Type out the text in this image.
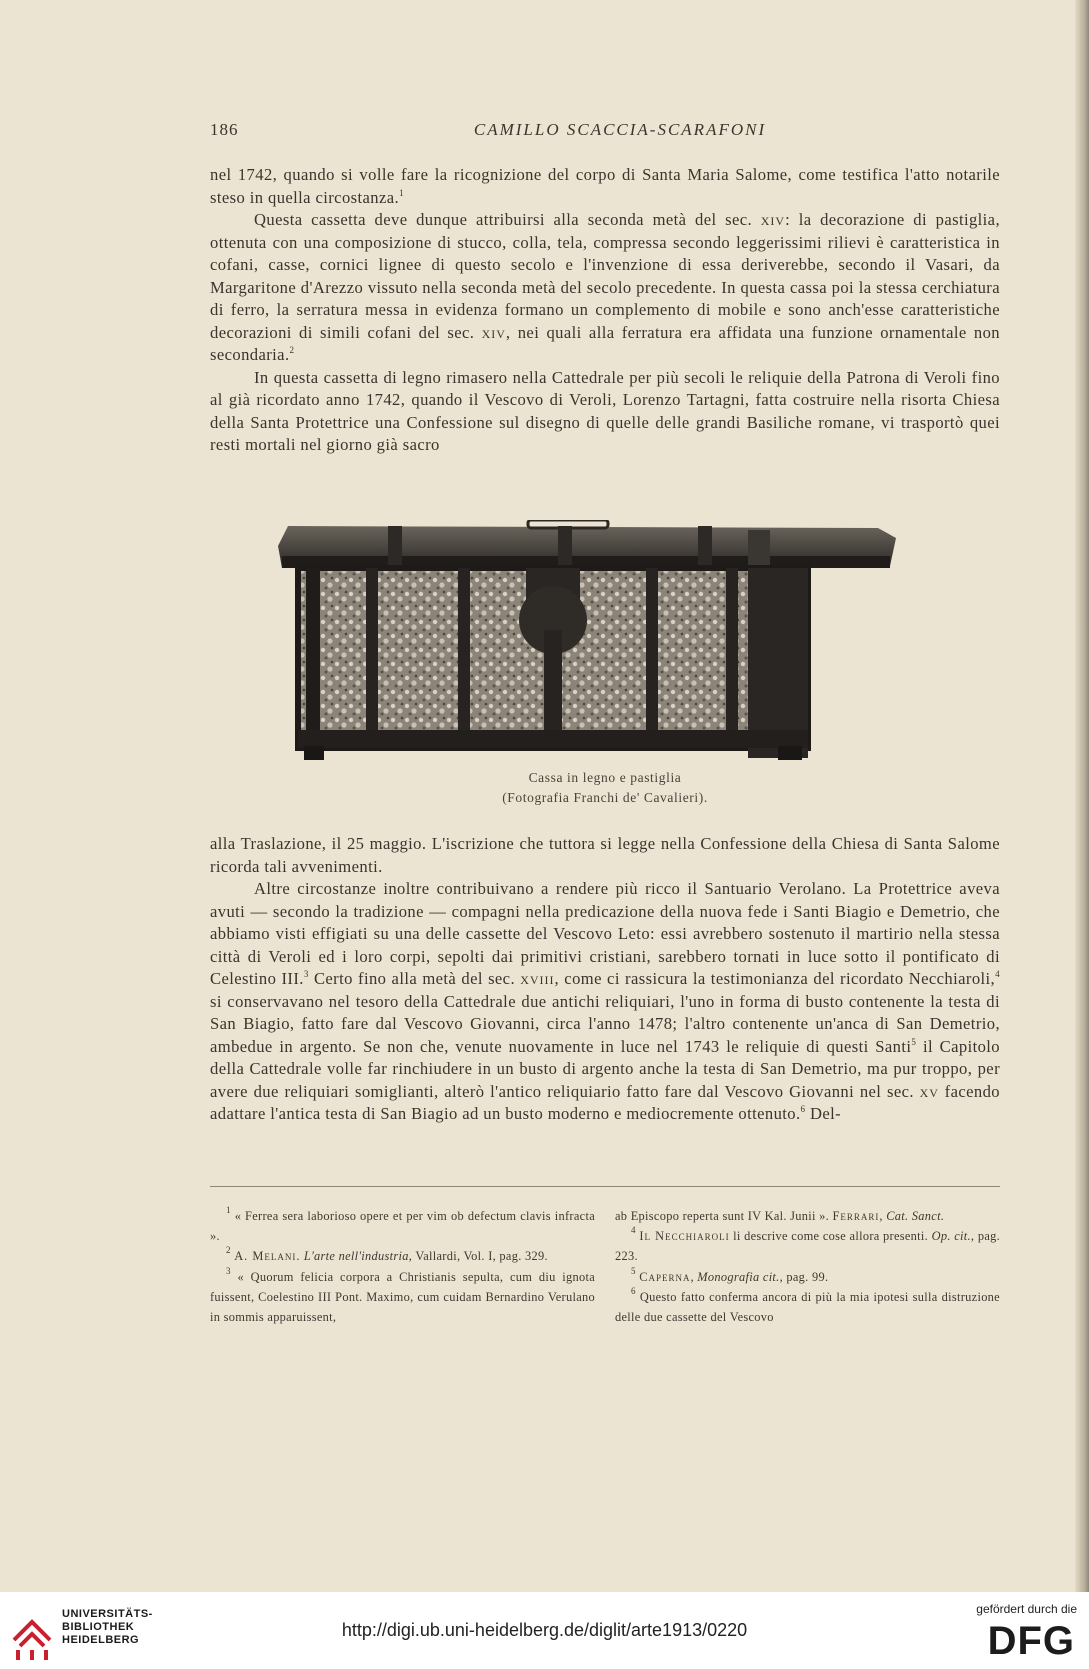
186	CAMILLO SCACCIA-SCARAFONI

nel 1742, quando si volle fare la ricognizione del corpo di Santa Maria Salome, come testifica l'atto notarile steso in quella circostanza.$^1$

Questa cassetta deve dunque attribuirsi alla seconda metà del sec. xiv: la decorazione di pastiglia, ottenuta con una composizione di stucco, colla, tela, compressa secondo leggerissimi rilievi è caratteristica in cofani, casse, cornici lignee di questo secolo e l'invenzione di essa deriverebbe, secondo il Vasari, da Margaritone d'Arezzo vissuto nella seconda metà del secolo precedente. In questa cassa poi la stessa cerchiatura di ferro, la serratura messa in evidenza formano un complemento di mobile e sono anch'esse caratteristiche decorazioni di simili cofani del sec. xiv, nei quali alla ferratura era affidata una funzione ornamentale non secondaria.$^2$

In questa cassetta di legno rimasero nella Cattedrale per più secoli le reliquie della Patrona di Veroli fino al già ricordato anno 1742, quando il Vescovo di Veroli, Lorenzo Tartagni, fatta costruire nella risorta Chiesa della Santa Protettrice una Confessione sul disegno di quelle delle grandi Basiliche romane, vi trasportò quei resti mortali nel giorno già sacro

Cassa in legno e pastiglia
(Fotografia Franchi de' Cavalieri).

alla Traslazione, il 25 maggio. L'iscrizione che tuttora si legge nella Confessione della Chiesa di Santa Salome ricorda tali avvenimenti.

Altre circostanze inoltre contribuivano a rendere più ricco il Santuario Verolano. La Protettrice aveva avuti — secondo la tradizione — compagni nella predicazione della nuova fede i Santi Biagio e Demetrio, che abbiamo visti effigiati su una delle cassette del Vescovo Leto: essi avrebbero sostenuto il martirio nella stessa città di Veroli ed i loro corpi, sepolti dai primitivi cristiani, sarebbero tornati in luce sotto il pontificato di Celestino III.$^3$ Certo fino alla metà del sec. xviii, come ci rassicura la testimonianza del ricordato Necchiaroli,$^4$ si conservavano nel tesoro della Cattedrale due antichi reliquiari, l'uno in forma di busto contenente la testa di San Biagio, fatto fare dal Vescovo Giovanni, circa l'anno 1478; l'altro contenente un'anca di San Demetrio, ambedue in argento. Se non che, venute nuovamente in luce nel 1743 le reliquie di questi Santi$^5$ il Capitolo della Cattedrale volle far rinchiudere in un busto di argento anche la testa di San Demetrio, ma pur troppo, per avere due reliquiari somiglianti, alterò l'antico reliquiario fatto fare dal Vescovo Giovanni nel sec. xv facendo adattare l'antica testa di San Biagio ad un busto moderno e mediocremente ottenuto.$^6$ Del-

$^1$ « Ferrea sera laborioso opere et per vim ob defectum clavis infracta ».

$^2$ A. Melani. L'arte nell'industria, Vallardi, Vol. I, pag. 329.

$^3$ « Quorum felicia corpora a Christianis sepulta, cum diu ignota fuissent, Coelestino III Pont. Maximo, cum cuidam Bernardino Verulano in sommis apparuissent,

ab Episcopo reperta sunt IV Kal. Junii ». Ferrari, Cat. Sanct.

$^4$ Il Necchiaroli li descrive come cose allora presenti. Op. cit., pag. 223.

$^5$ Caperna, Monografia cit., pag. 99.

$^6$ Questo fatto conferma ancora di più la mia ipotesi sulla distruzione delle due cassette del Vescovo

UNIVERSITÄTS-
BIBLIOTHEK
HEIDELBERG	http://digi.ub.uni-heidelberg.de/diglit/arte1913/0220
gefördert durch die
DFG
